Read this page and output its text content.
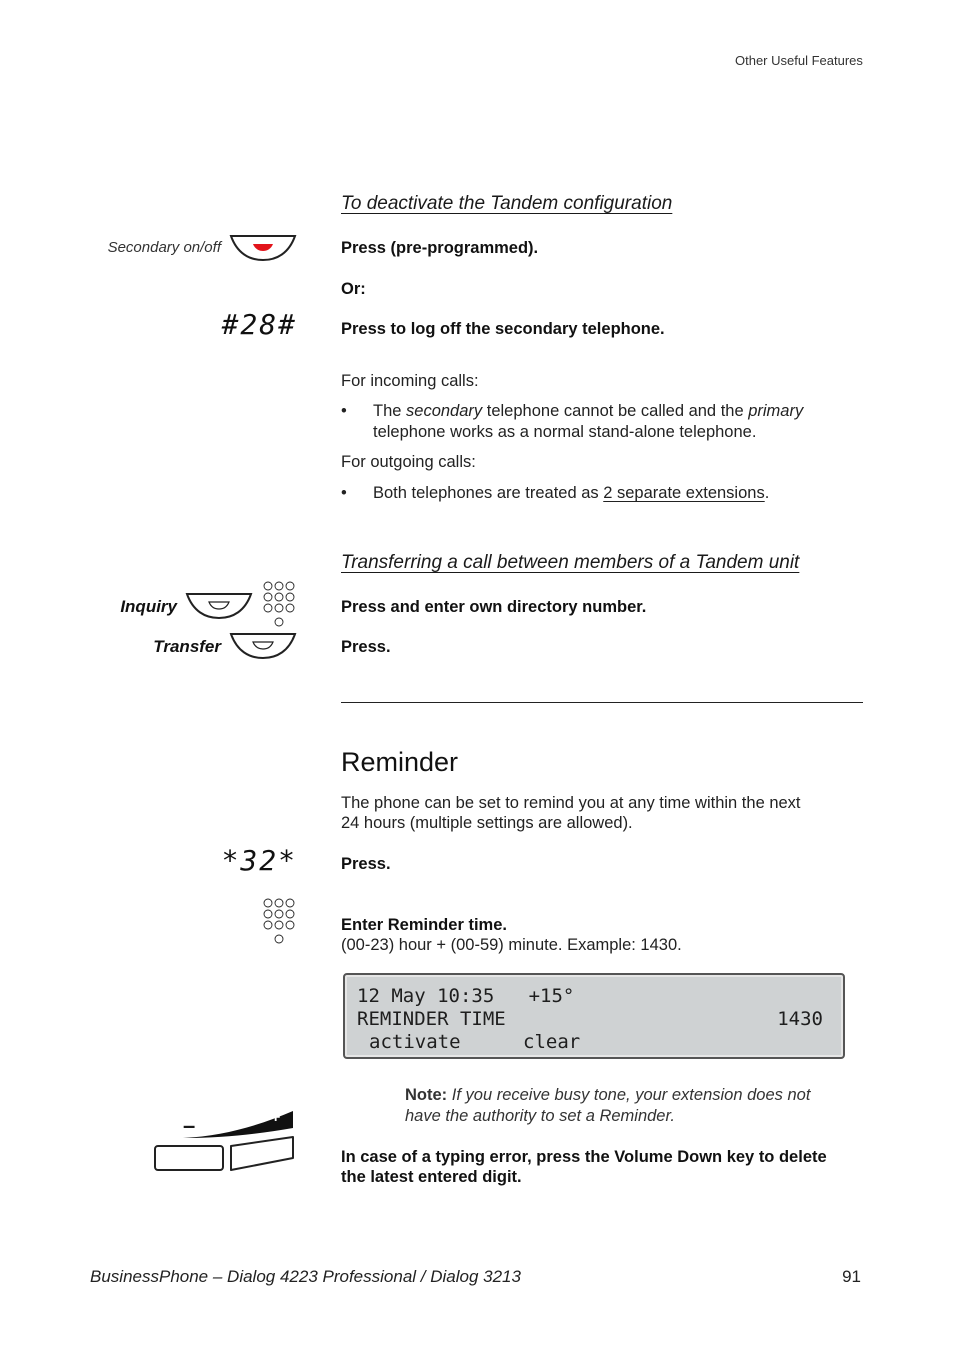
Other Useful Features
To deactivate the Tandem configuration
Secondary on/off	Press (pre-programmed).
Or:
#28#	Press to log off the secondary telephone.
For incoming calls:
• The secondary telephone cannot be called and the primary
telephone works as a normal stand-alone telephone.
For outgoing calls:
• Both telephones are treated as 2 separate extensions.
Transferring a call between members of a Tandem unit
Inquiry	Press and enter own directory number.
Transfer	Press.
Reminder
The phone can be set to remind you at any time within the next
24 hours (multiple settings are allowed).
*32*	Press.
Enter Reminder time.
(00-23) hour + (00-59) minute. Example: 1430.
12 May 10:35   +15°
REMINDER TIME	1430
activate	clear
Note: If you receive busy tone, your extension does not
have the authority to set a Reminder.
–	+
In case of a typing error, press the Volume Down key to delete
the latest entered digit.
BusinessPhone – Dialog 4223 Professional / Dialog 3213	91
